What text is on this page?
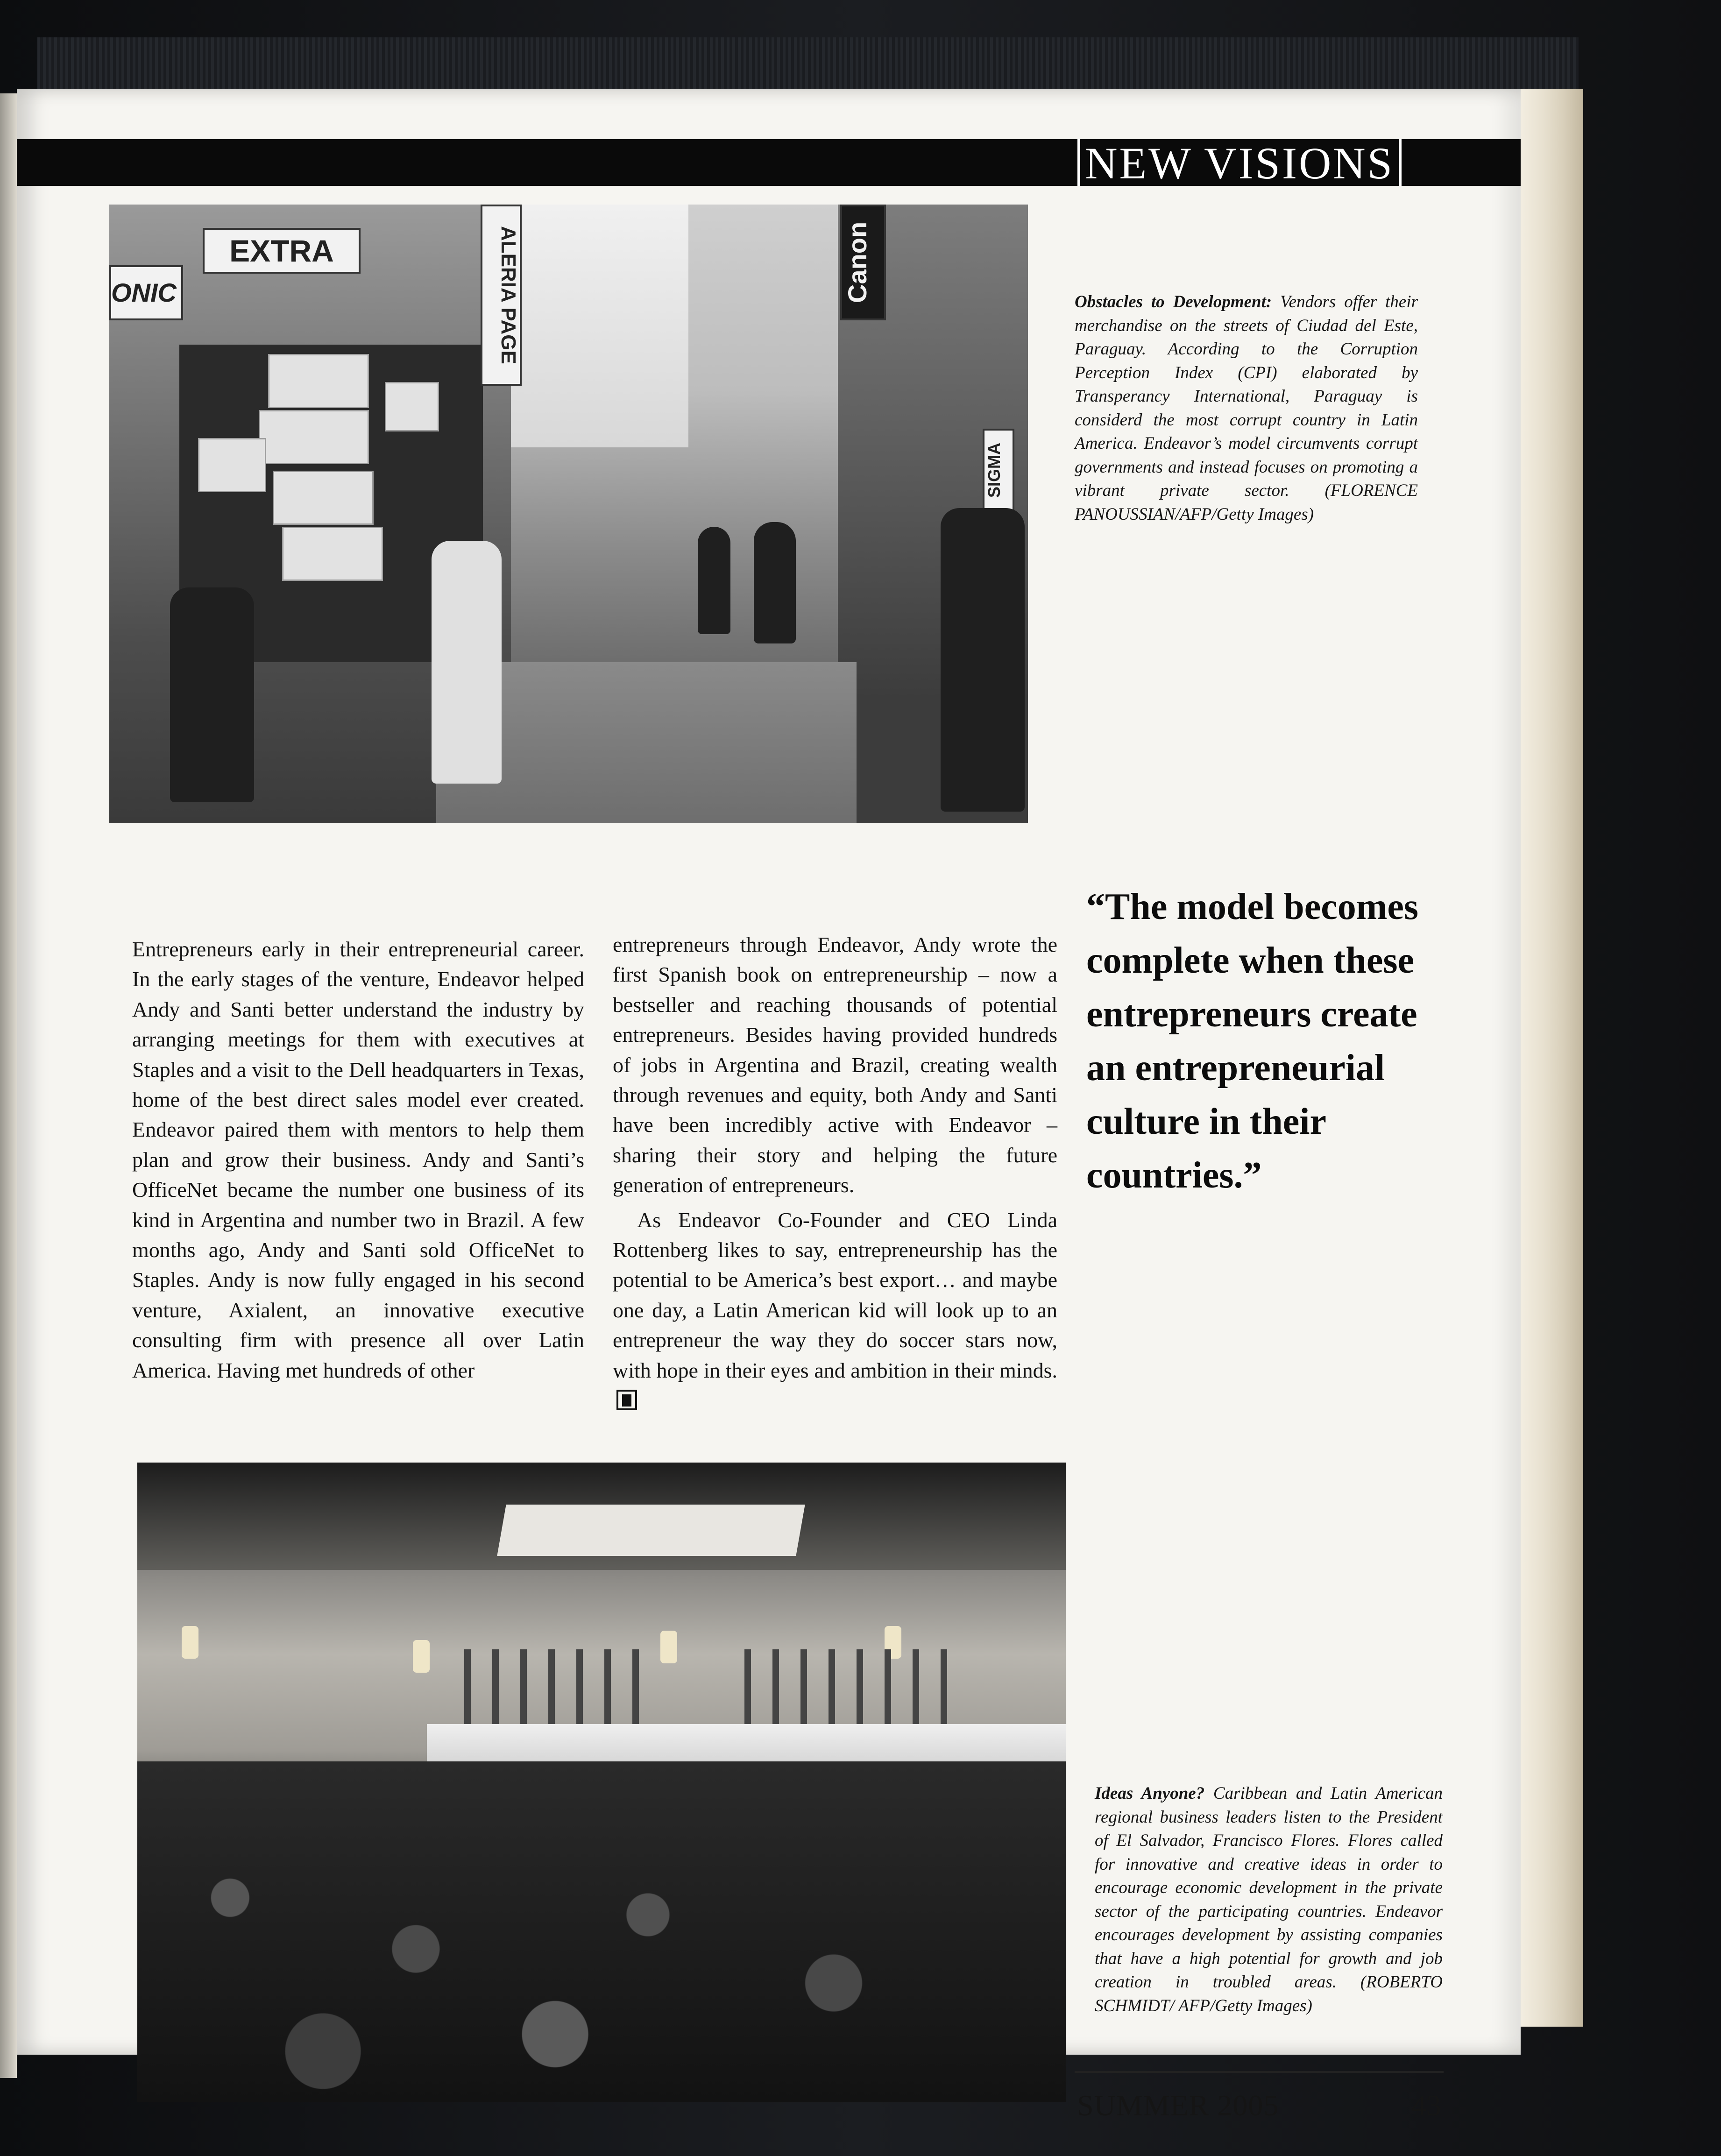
NEW VISIONS
EXTRA	ALERIA PAGE	Canon
SIGMA
ONIC	Obstacles to Development: Vendors offer their merchandise on the streets of Ciudad del Este, Paraguay. According to the Corruption Perception Index (CPI) elaborated by Transperancy International, Paraguay is considerd the most corrupt country in Latin America. Endeavor’s model circumvents corrupt governments and instead focuses on promoting a vibrant private sector. (FLORENCE PANOUSSIAN/AFP/Getty Images)

Entrepreneurs early in their entrepreneurial career. In the early stages of the venture, Endeavor helped Andy and Santi better understand the industry by arranging meetings for them with executives at Staples and a visit to the Dell headquarters in Texas, home of the best direct sales model ever created. Endeavor paired them with mentors to help them plan and grow their business. Andy and Santi’s OfficeNet became the number one business of its kind in Argentina and number two in Brazil. A few months ago, Andy and Santi sold OfficeNet to Staples. Andy is now fully engaged in his second venture, Axialent, an innovative executive consulting firm with presence all over Latin America. Having met hundreds of other

entrepreneurs through Endeavor, Andy wrote the first Spanish book on entrepreneurship – now a bestseller and reaching thousands of potential entrepreneurs. Besides having provided hundreds of jobs in Argentina and Brazil, creating wealth through revenues and equity, both Andy and Santi have been incredibly active with Endeavor – sharing their story and helping the future generation of entrepreneurs.

As Endeavor Co-Founder and CEO Linda Rottenberg likes to say, entrepreneurship has the potential to be America’s best export… and maybe one day, a Latin American kid will look up to an entrepreneur the way they do soccer stars now, with hope in their eyes and ambition in their minds.

“The model becomes complete when these entrepreneurs create an entrepreneurial culture in their countries.”
Ideas Anyone? Caribbean and Latin American regional business leaders listen to the President of El Salvador, Francisco Flores. Flores called for innovative and creative ideas in order to encourage economic development in the private sector of the participating countries. Endeavor encourages development by assisting companies that have a high potential for growth and job creation in troubled areas. (ROBERTO SCHMIDT/ AFP/Getty Images)
SUMMER 2005	43
